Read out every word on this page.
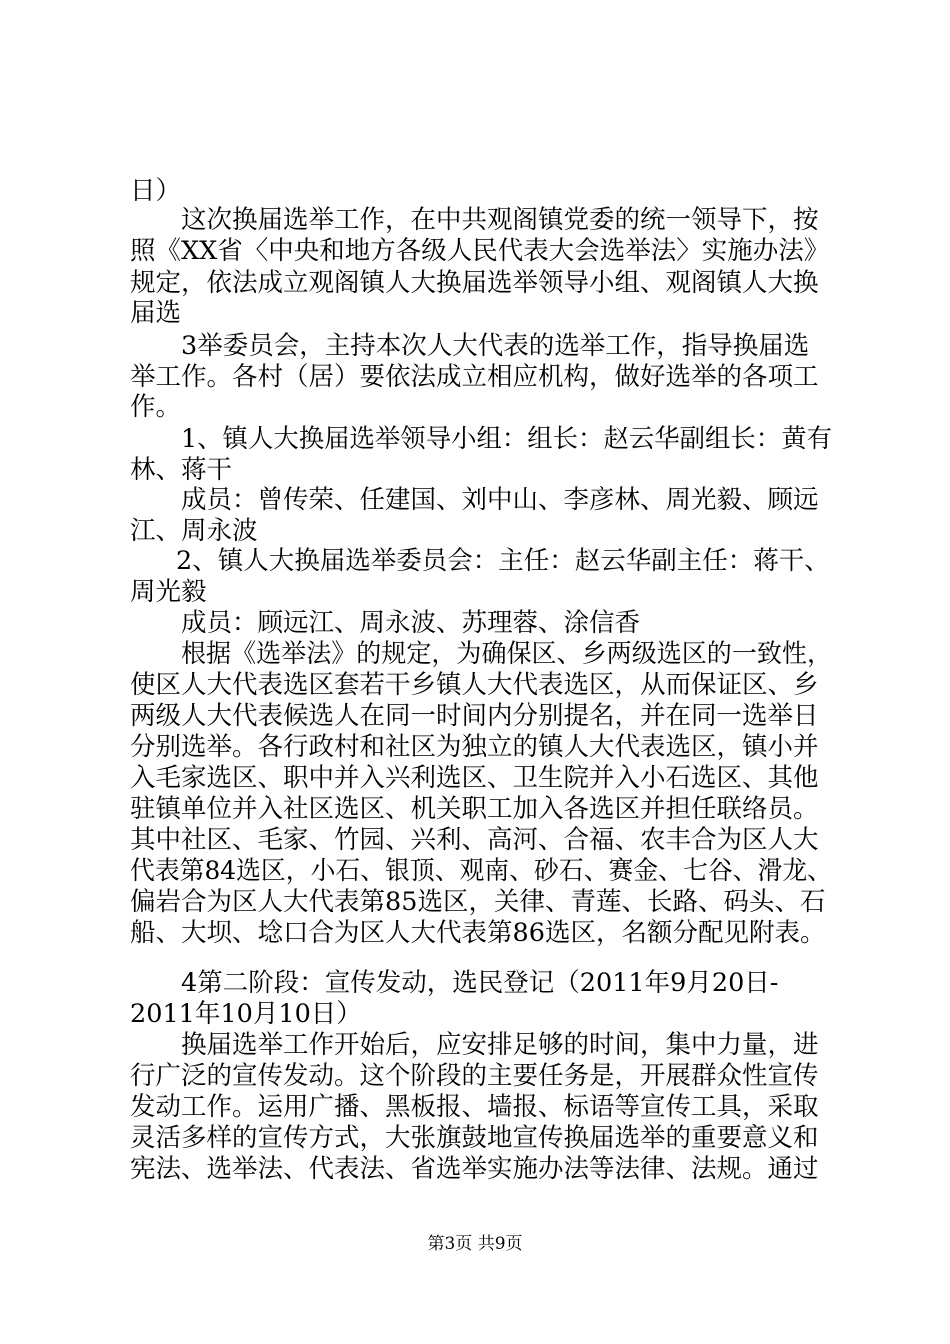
日）
这次换届选举工作，在中共观阁镇党委的统一领导下，按
照《XX省〈中央和地方各级人民代表大会选举法〉实施办法》
规定，依法成立观阁镇人大换届选举领导小组、观阁镇人大换
届选
3举委员会，主持本次人大代表的选举工作，指导换届选
举工作。各村（居）要依法成立相应机构，做好选举的各项工
作。
1、镇人大换届选举领导小组：组长：赵云华副组长：黄有
林、蒋干
成员：曾传荣、任建国、刘中山、李彦林、周光毅、顾远
江、周永波
2、镇人大换届选举委员会：主任：赵云华副主任：蒋干、
周光毅
成员：顾远江、周永波、苏理蓉、涂信香
根据《选举法》的规定，为确保区、乡两级选区的一致性，
使区人大代表选区套若干乡镇人大代表选区，从而保证区、乡
两级人大代表候选人在同一时间内分别提名，并在同一选举日
分别选举。各行政村和社区为独立的镇人大代表选区，镇小并
入毛家选区、职中并入兴利选区、卫生院并入小石选区、其他
驻镇单位并入社区选区、机关职工加入各选区并担任联络员。
其中社区、毛家、竹园、兴利、高河、合福、农丰合为区人大
代表第84选区，小石、银顶、观南、砂石、赛金、七谷、滑龙、
偏岩合为区人大代表第85选区，关律、青莲、长路、码头、石
船、大坝、埝口合为区人大代表第86选区，名额分配见附表。
4第二阶段：宣传发动，选民登记（2011年9月20日-
2011年10月10日）
换届选举工作开始后，应安排足够的时间，集中力量，进
行广泛的宣传发动。这个阶段的主要任务是，开展群众性宣传
发动工作。运用广播、黑板报、墙报、标语等宣传工具，采取
灵活多样的宣传方式，大张旗鼓地宣传换届选举的重要意义和
宪法、选举法、代表法、省选举实施办法等法律、法规。通过
第3页 共9页
